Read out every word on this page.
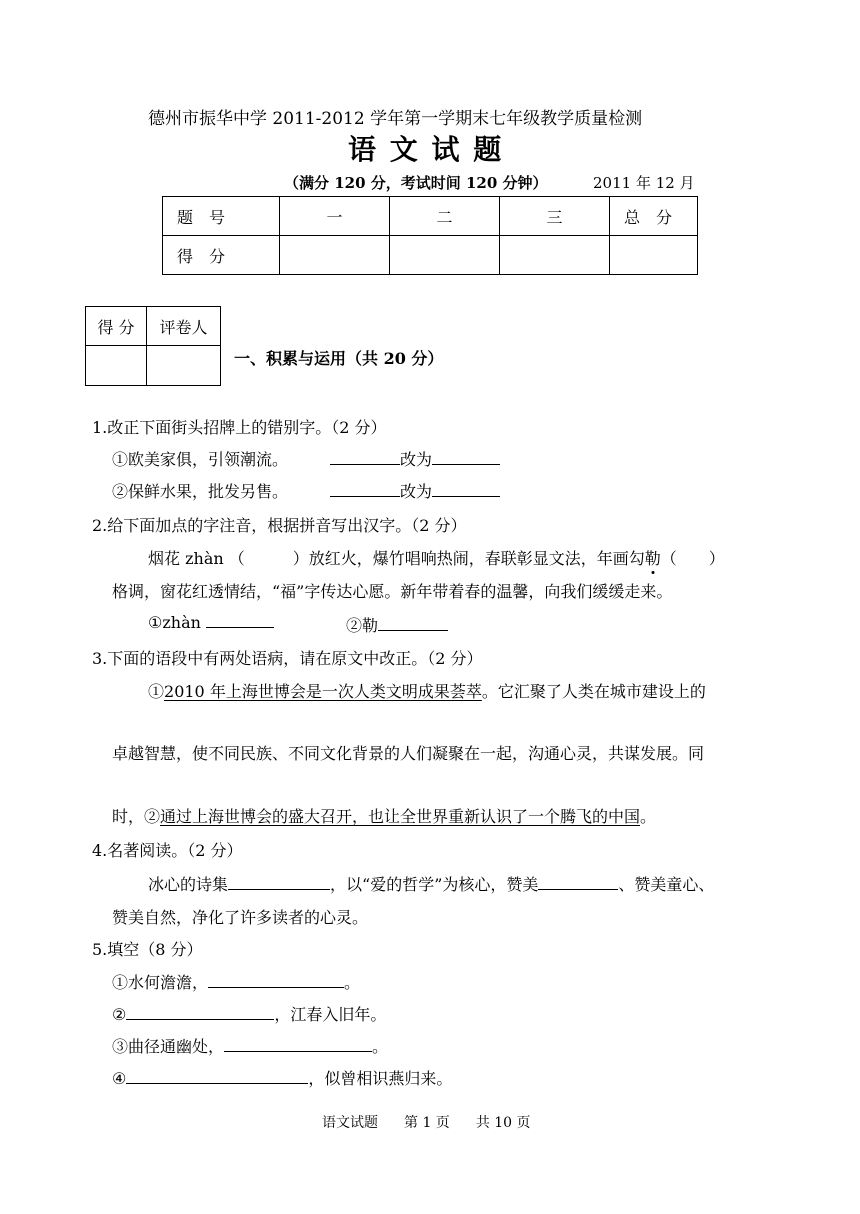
德州市振华中学 2011-2012 学年第一学期末七年级教学质量检测
语 文 试 题
（满分 120 分，考试时间 120 分钟）	2011 年 12 月
题　号	一	二	三	总　分
得　分				
得 分	评卷人

一、积累与运用（共 20 分）
1.改正下面街头招牌上的错别字。（2 分）
①欧美家俱，引领潮流。	改为
②保鲜水果，批发另售。	改为
2.给下面加点的字注音，根据拼音写出汉字。（2 分）
烟花 zhàn （　　　）放红火，爆竹唱响热闹，春联彰显文法，年画勾勒（　　）
格调，窗花红透情结，“福”字传达心愿。新年带着春的温馨，向我们缓缓走来。
①zhàn	②勒
3.下面的语段中有两处语病，请在原文中改正。（2 分）
①2010 年上海世博会是一次人类文明成果荟萃。它汇聚了人类在城市建设上的
卓越智慧，使不同民族、不同文化背景的人们凝聚在一起，沟通心灵，共谋发展。同
时，②通过上海世博会的盛大召开，也让全世界重新认识了一个腾飞的中国。
4.名著阅读。（2 分）
冰心的诗集	，以“爱的哲学”为核心，赞美	、赞美童心、
赞美自然，净化了许多读者的心灵。
5.填空（8 分）
①水何澹澹，	。
②	，江春入旧年。
③曲径通幽处，	。
④	，似曾相识燕归来。
语文试题 第 1 页 共 10 页
